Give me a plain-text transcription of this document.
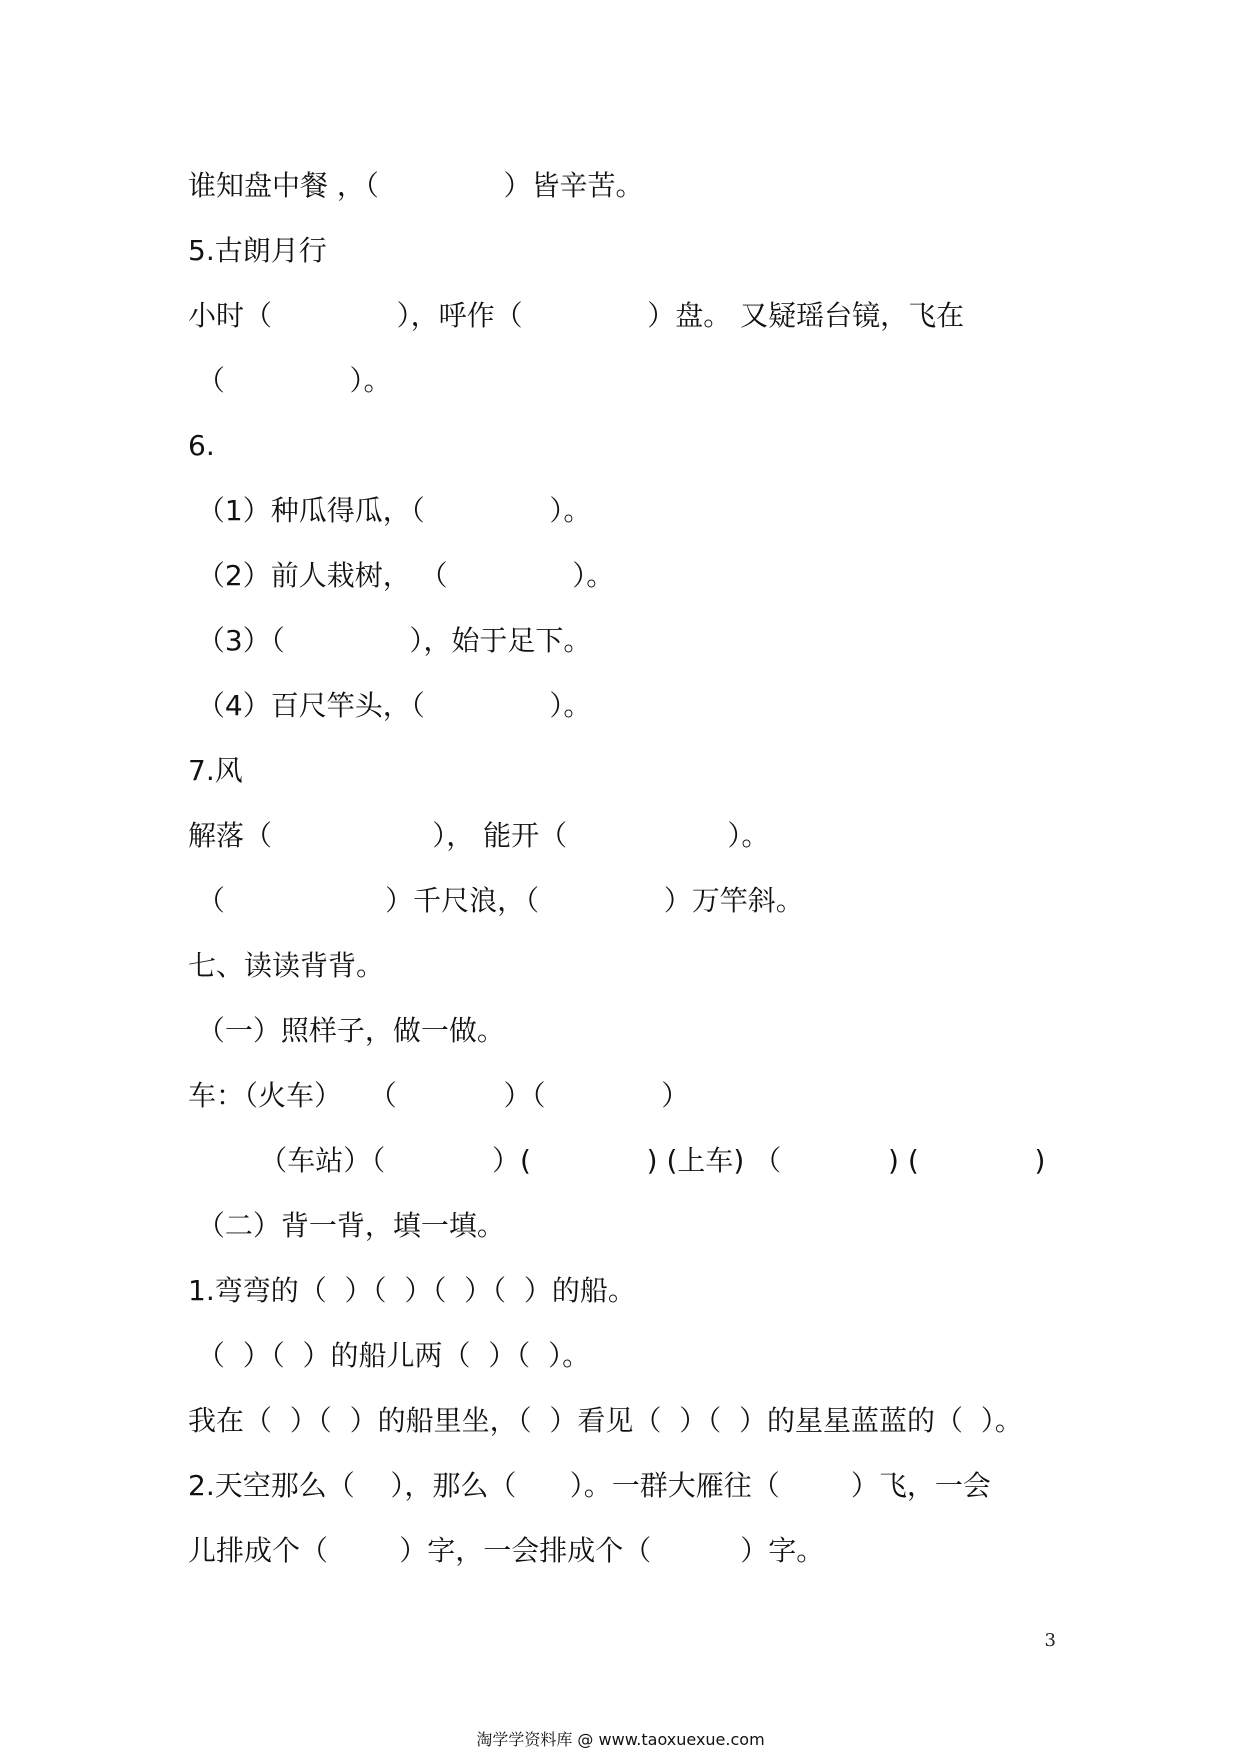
谁知盘中餐 ，（              ）皆辛苦。
5.古朗月行
小时（              ），呼作（              ）盘。 又疑瑶台镜，飞在
（              ）。
6.
（1）种瓜得瓜，（              ）。
（2）前人栽树， （              ）。
（3）（              ），始于足下。
（4）百尺竿头，（              ）。
7.风
解落（                  ）， 能开（                  ）。
（                  ）千尺浪，（              ）万竿斜。
七、读读背背。
（一）照样子，做一做。
车：（火车）   （            ）（             ）
（车站）（            ）(             ) (上车) （            ) (             )
（二）背一背，填一填。
1.弯弯的（  ）（  ）（  ）（  ）的船。
（  ）（  ）的船儿两（  ）（  ）。
我在（  ）（  ）的船里坐，（  ）看见（  ）（  ）的星星蓝蓝的（  ）。
2.天空那么（    ），那么（      ）。一群大雁往（        ）飞，一会
儿排成个（        ）字，一会排成个（          ）字。
3
淘学学资料库 @ www.taoxuexue.com
